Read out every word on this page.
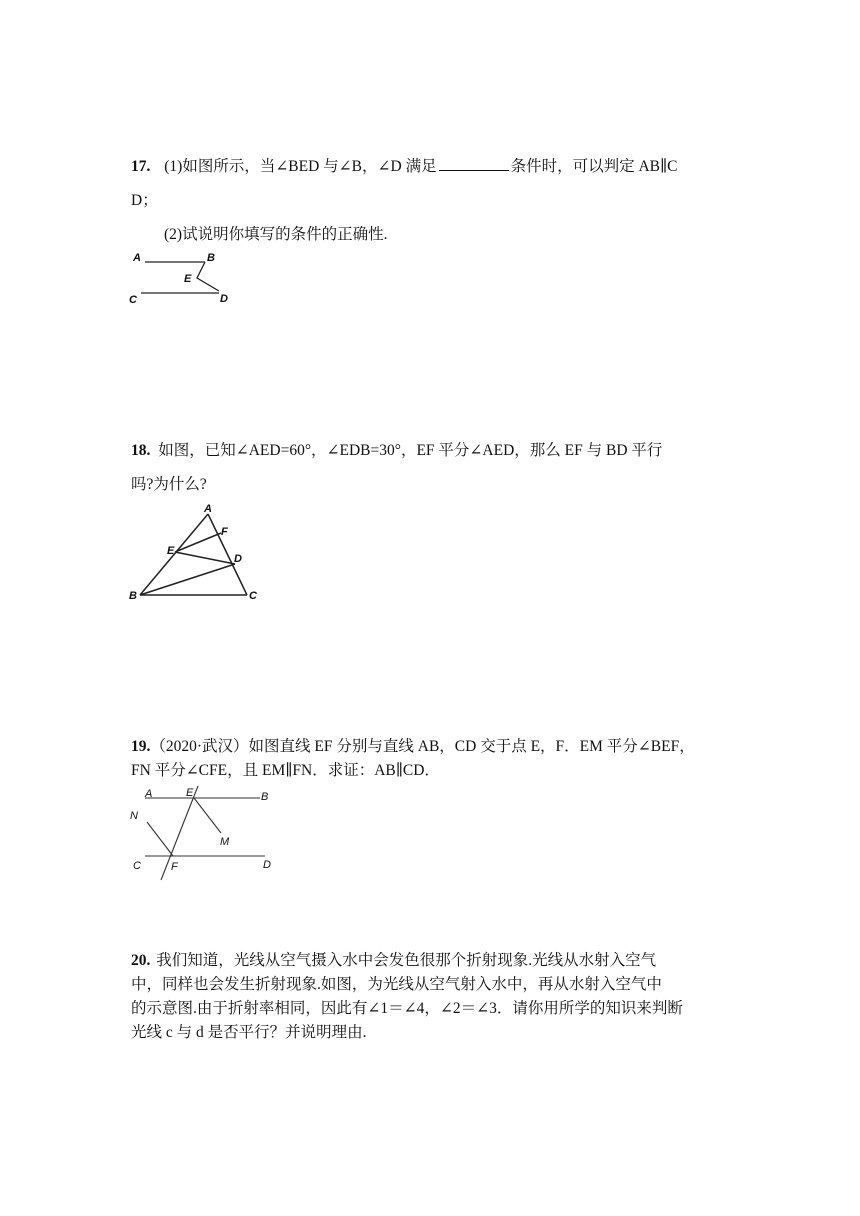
17. (1)如图所示，当∠BED 与∠B，∠D 满足	条件时，可以判定 AB∥C
D；
(2)试说明你填写的条件的正确性.
A	B
E
C	D
18. 如图，已知∠AED=60°，∠EDB=30°，EF 平分∠AED，那么 EF 与 BD 平行
吗?为什么?
A
F
E
D
B	C
19.（2020·武汉）如图直线 EF 分别与直线 AB，CD 交于点 E，F．EM 平分∠BEF，
FN 平分∠CFE，且 EM∥FN．求证：AB∥CD．
A	E	B
N
M
C	F	D
20. 我们知道，光线从空气摄入水中会发色很那个折射现象.光线从水射入空气
中，同样也会发生折射现象.如图，为光线从空气射入水中，再从水射入空气中
的示意图.由于折射率相同，因此有∠1＝∠4，∠2＝∠3．请你用所学的知识来判断
光线 c 与 d 是否平行？并说明理由.
